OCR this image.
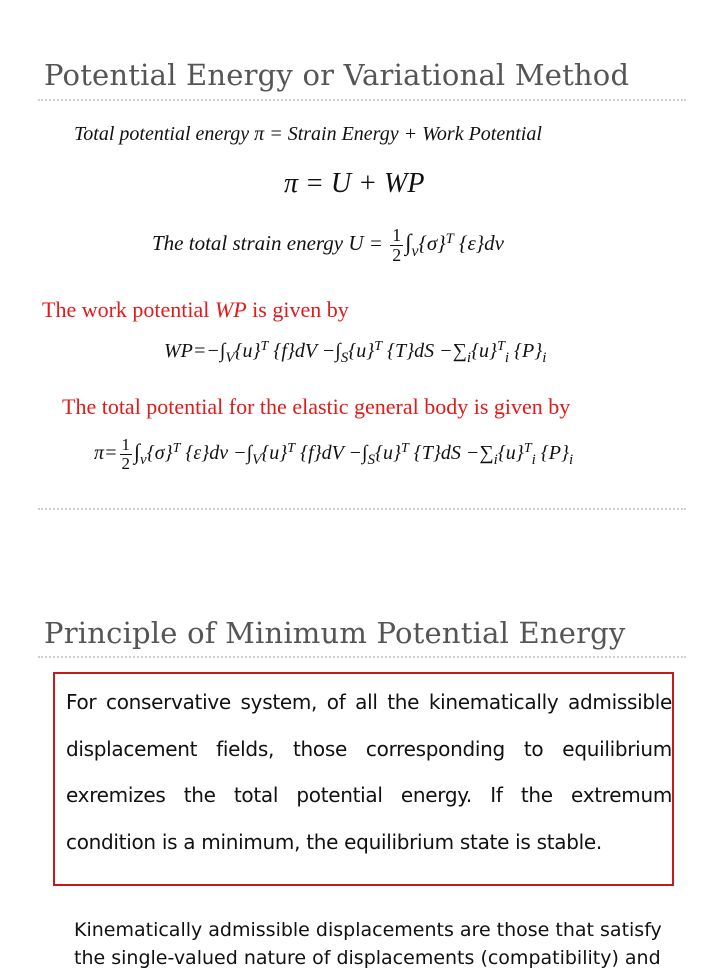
Potential Energy or Variational Method
Total potential energy π = Strain Energy + Work Potential
π = U + WP
The total strain energy $U = \frac{1}{2} \int_v\{\sigma\}^T$ {ε}dv
The work potential WP is given by
$WP=-\int_V\{u\}^T$ $\{f\}dV -\int_S\{u\}^T$ $\{T\}dS -\sum_i\{u\}^T_i$ $\{P\}_i$
The total potential for the elastic general body is given by
$\pi= \frac{1}{2} \int_v\{\sigma\}^T$ $\{\varepsilon\}dv -\int_V\{u\}^T$ $\{f\}dV -\int_S\{u\}^T$ $\{T\}dS -\sum_i\{u\}^T_i$ $\{P\}_i$
Principle of Minimum Potential Energy
For conservative system, of all the kinematically admissible displacement fields, those corresponding to equilibrium exremizes the total potential energy. If the extremum condition is a minimum, the equilibrium state is stable.
Kinematically admissible displacements are those that satisfy the single-valued nature of displacements (compatibility) and
